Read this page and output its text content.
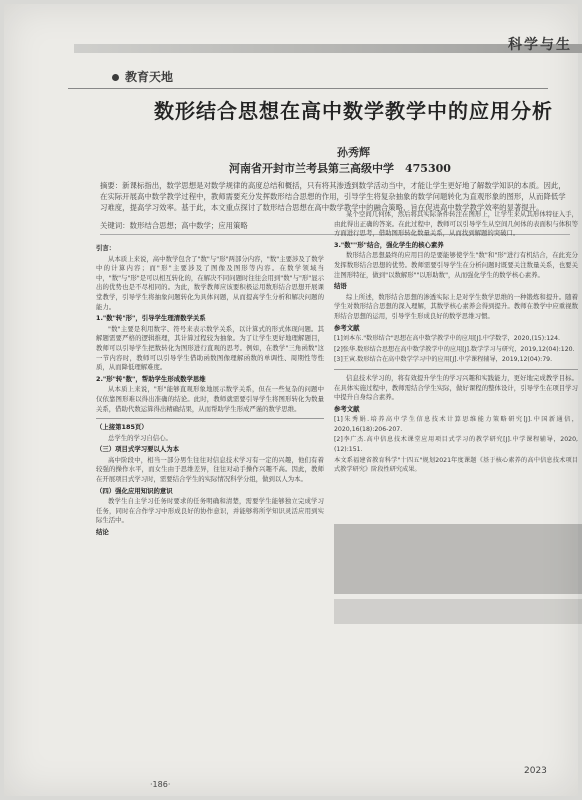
科学与生
教育天地
数形结合思想在高中数学教学中的应用分析
孙秀辉
河南省开封市兰考县第三高级中学　475300
摘要：新课标指出，数学思想是对数学规律的高度总结和概括，只有将其渗透到数学活动当中，才能让学生更好地了解数学知识的本质。因此，在实际开展高中数学教学过程中，教师需要充分发挥数形结合思想的作用，引导学生将复杂抽象的数学问题转化为直观形象的图形，从而降低学习难度，提高学习效率。基于此，本文重点探讨了数形结合思想在高中数学教学中的融合策略，旨在促进高中数学教学效率的显著提升。
关键词：数形结合思想；高中数学；应用策略

引言：

从本质上来说，高中数学包含了"数"与"形"两部分内容，"数"主要涉及了数学中的计算内容；而"形"主要涉及了图像及图形等内容。在数学领域当中，"数"与"形"是可以相互转化的，在解决不同问题时往往会用到"数"与"形"显示出的优势也是不尽相同的。为此，数学教师应该要积极运用数形结合思想开展课堂教学，引导学生将抽象问题转化为具体问题，从而提高学生分析和解决问题的能力。

1."数"转"形"，引导学生理清数学关系

"数"主要是利用数字、符号来表示数学关系，以计算式的形式体现问题。其解题需要严格的逻辑推理，其计算过程较为抽象。为了让学生更好地理解题目，教师可以引导学生把数转化为图形进行直观的思考。例如，在教学"三角函数"这一节内容时，教师可以引导学生借助函数图像理解函数的单调性、周期性等性质，从而降低理解难度。

2."形"转"数"，帮助学生形成数学思维

从本质上来说，"形"能够直观形象地展示数学关系，但在一些复杂的问题中仅依靠图形难以得出准确的结论。此时，教师就需要引导学生将图形转化为数量关系，借助代数运算得出精确结果，从而帮助学生形成严谨的数学思维。

（上接第185页）

总学生的学习自信心。

（三）项目式学习要以人为本

高中阶段中，相当一部分男生往往对信息技术学习有一定的兴趣，他们有着较强的操作水平，而女生由于思维差异，往往对动手操作兴趣不高。因此，教师在开展项目式学习时，需要结合学生的实际情况科学分组，做到以人为本。

（四）强化应用知识的意识

教学生自主学习任务时要求的任务明确和清楚，需要学生能够独立完成学习任务，同时在合作学习中形成良好的协作意识，并能够将所学知识灵活应用到实际生活中。

结论

某个空间几何体，然后将其实际条件转注在图形上，让学生来从其形体特征入手，由此得出正确的答案。在此过程中，教师可以引导学生从空间几何体的表面积与体积等方面进行思考，借助图形转化数量关系，从而找到解题的突破口。

3."数""形"结合，强化学生的核心素养

数形结合思想最终的应用目的是要能够使学生"数"和"形"进行有机结合，在此充分发挥数形结合思想的优势。教师需要引导学生在分析问题时既要关注数量关系，也要关注图形特征，做到"以数解形""以形助数"，从而强化学生的数学核心素养。

结语

综上所述，数形结合思想的渗透实际上是对学生数学思维的一种锻炼和提升。随着学生对数形结合思想的深入理解，其数学核心素养会得到提升。教师在教学中应重视数形结合思想的运用，引导学生形成良好的数学思维习惯。

参考文献

[1]刘本东."数形结合"思想在高中数学教学中的应用[J].中学数学，2020,(15):124.

[2]张华.数形结合思想在高中数学教学中的应用[J].数学学习与研究，2019,12(04):120.

[3]王寅.数形结合在高中数学学习中的应用[J].中学课程辅导，2019,12(04):79.

信息技术学习的，将有效提升学生的学习兴趣和实践能力，更好地完成教学目标。在具体实施过程中，教师需结合学生实际，做好课程的整体设计，引导学生在项目学习中提升自身综合素养。

参考文献

[1]朱秀娟.培养高中学生信息技术计算思维能力策略研究[J].中国新通信，2020,16(18):206-207.

[2]李广杰.高中信息技术课堂应用项目式学习的教学研究[J].中学课程辅导，2020,(12):151.

本文系福建省教育科学"十四五"规划2021年度课题《基于核心素养的高中信息技术项目式教学研究》阶段性研究成果。

·186·
2023
